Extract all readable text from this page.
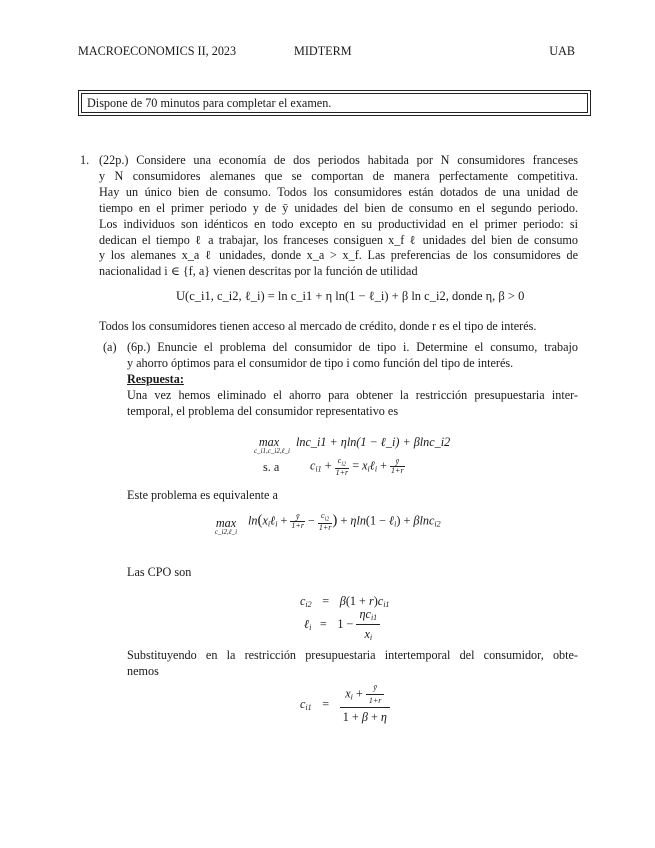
MACROECONOMICS II, 2023	MIDTERM	UAB
Dispone de 70 minutos para completar el examen.
1. (22p.) Considere una economía de dos periodos habitada por N consumidores franceses
y N consumidores alemanes que se comportan de manera perfectamente competitiva.
Hay un único bien de consumo. Todos los consumidores están dotados de una unidad de
tiempo en el primer periodo y de ȳ unidades del bien de consumo en el segundo periodo.
Los individuos son idénticos en todo excepto en su productividad en el primer periodo: si
dedican el tiempo ℓ a trabajar, los franceses consiguen x_f ℓ unidades del bien de consumo
y los alemanes x_a ℓ unidades, donde x_a > x_f. Las preferencias de los consumidores de
nacionalidad i ∈ {f, a} vienen descritas por la función de utilidad
U(c_i1, c_i2, ℓ_i) = ln c_i1 + η ln(1 − ℓ_i) + β ln c_i2, donde η, β > 0
Todos los consumidores tienen acceso al mercado de crédito, donde r es el tipo de interés.
(a) (6p.) Enuncie el problema del consumidor de tipo i. Determine el consumo, trabajo
y ahorro óptimos para el consumidor de tipo i como función del tipo de interés.
Respuesta:
Una vez hemos eliminado el ahorro para obtener la restricción presupuestaria inter-
temporal, el problema del consumidor representativo es
max
c_i1,c_i2,ℓ_i
lnc_i1 + ηln(1 − ℓ_i) + βlnc_i2
s. a	$c_{i1} + \frac{c_{i2}}{1+r}$ = $x_i\ell_i + \frac{ȳ}{1+r}$
Este problema es equivalente a
max
c_i2,ℓ_i
$\ln(x_i\ell_i + \frac{ȳ}{1+r} - \frac{c_{i2}}{1+r}$ ) + ηln(1 − ℓ$_i$) + βlnc$_{i2}$
Las CPO son
$c_{i2} = \beta(1 + r)c_{i1}$
ℓ$_i$ = 1 −
$\eta c_{i1}$
$x_i$
Substituyendo en la restricción presupuestaria intertemporal del consumidor, obte-
nemos
$c_{i1} = \frac{x_i + \frac{ȳ}{1+r}}{1 + \beta + \eta}$
